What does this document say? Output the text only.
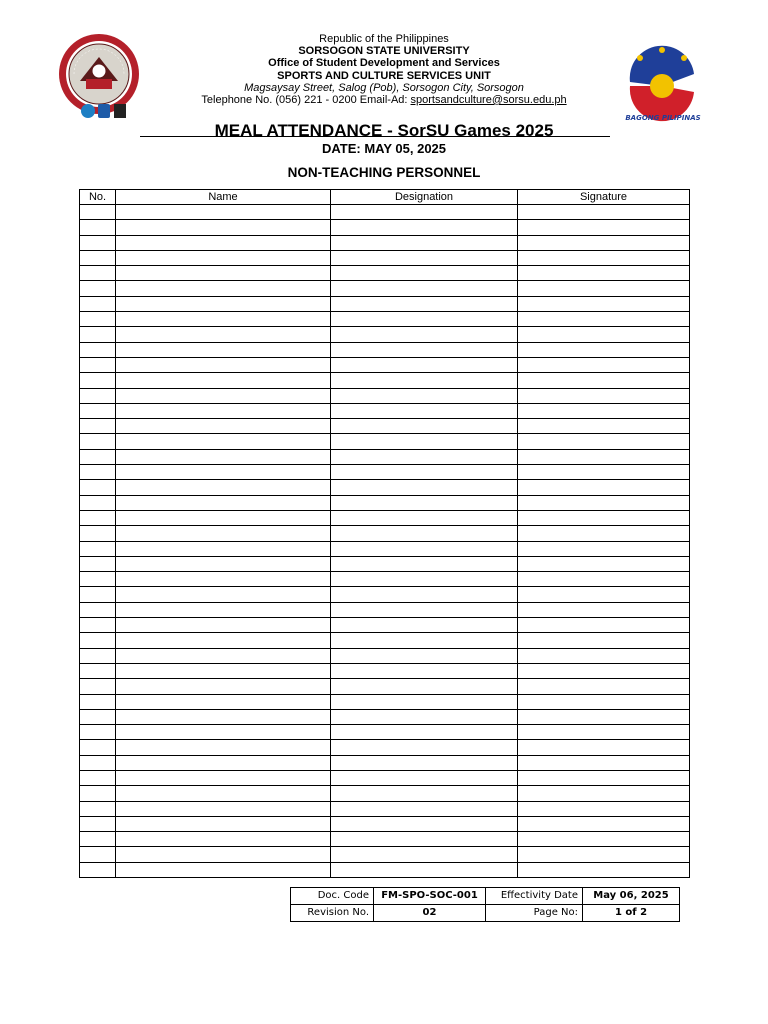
Republic of the Philippines
SORSOGON STATE UNIVERSITY
Office of Student Development and Services
SPORTS AND CULTURE SERVICES UNIT
Magsaysay Street, Salog (Pob), Sorsogon City, Sorsogon
Telephone No. (056) 221 - 0200 Email-Ad: sportsandculture@sorsu.edu.ph
BAGONG PILIPINAS
MEAL ATTENDANCE - SorSU Games 2025
DATE: MAY 05, 2025
NON-TEACHING PERSONNEL
No.	Name	Designation	Signature

Doc. Code	FM-SPO-SOC-001	Effectivity Date	May 06, 2025
Revision No.	02	Page No:	1 of 2
